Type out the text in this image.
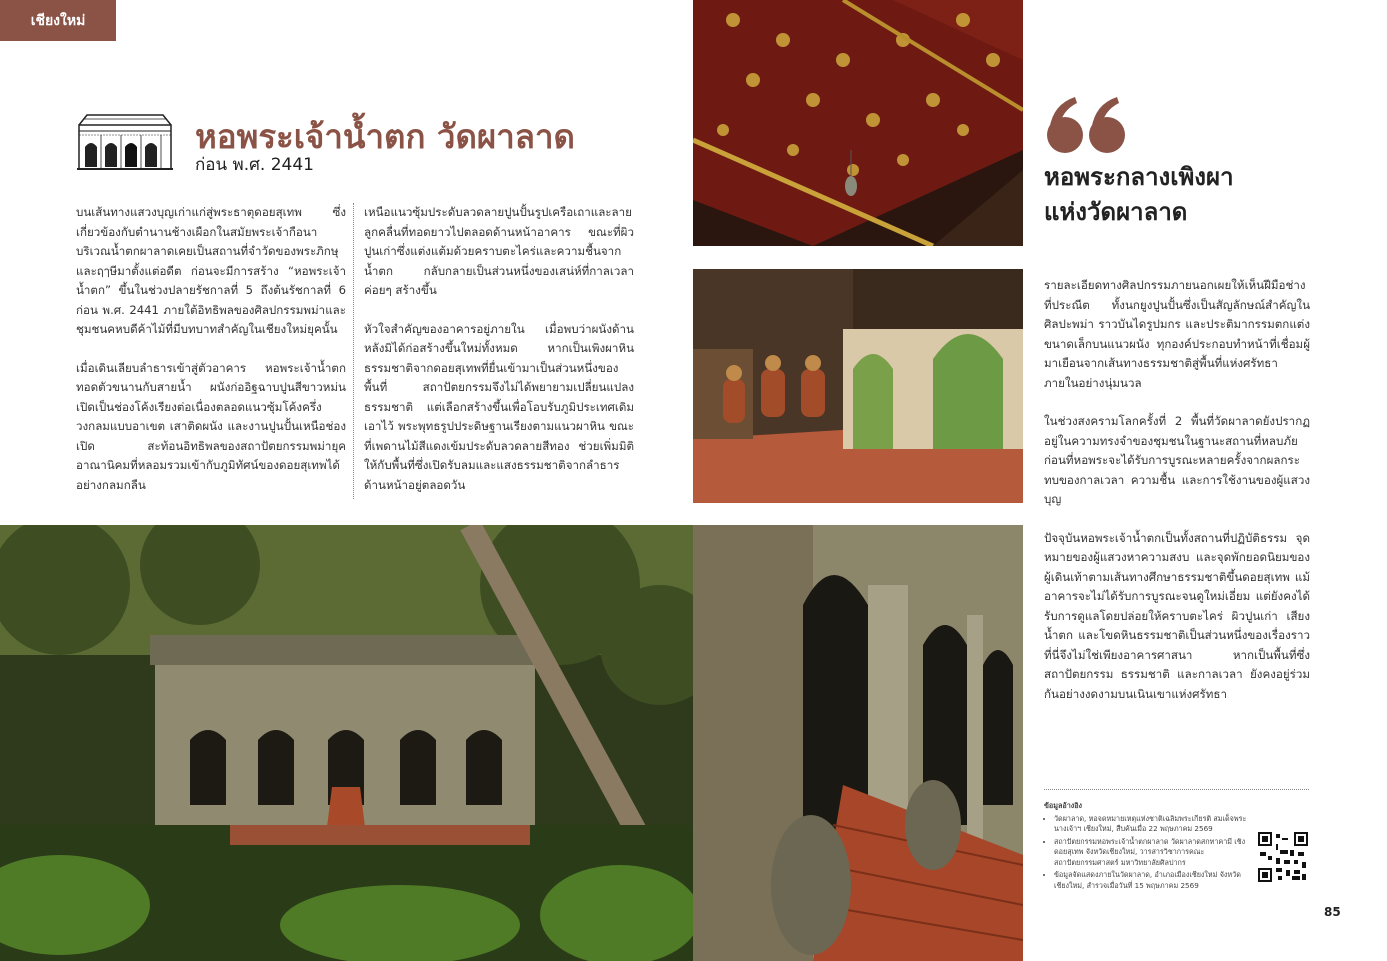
เชียงใหม่
หอพระเจ้าน้ำตก วัดผาลาด
ก่อน พ.ศ. 2441

บนเส้นทางแสวงบุญเก่าแก่สู่พระธาตุดอยสุเทพ ซึ่งเกี่ยวข้องกับตำนานช้างเผือกในสมัยพระเจ้ากือนา บริเวณน้ำตกผาลาดเคยเป็นสถานที่จำวัดของพระภิกษุและฤๅษีมาตั้งแต่อดีต ก่อนจะมีการสร้าง “หอพระเจ้าน้ำตก” ขึ้นในช่วงปลายรัชกาลที่ 5 ถึงต้นรัชกาลที่ 6 ก่อน พ.ศ. 2441 ภายใต้อิทธิพลของศิลปกรรมพม่าและชุมชนคหบดีค้าไม้ที่มีบทบาทสำคัญในเชียงใหม่ยุคนั้น

เมื่อเดินเลียบลำธารเข้าสู่ตัวอาคาร หอพระเจ้าน้ำตกทอดตัวขนานกับสายน้ำ ผนังก่ออิฐฉาบปูนสีขาวหม่นเปิดเป็นช่องโค้งเรียงต่อเนื่องตลอดแนวซุ้มโค้งครึ่งวงกลมแบบอาเขต เสาติดผนัง และงานปูนปั้นเหนือช่องเปิด สะท้อนอิทธิพลของสถาปัตยกรรมพม่ายุคอาณานิคมที่หลอมรวมเข้ากับภูมิทัศน์ของดอยสุเทพได้อย่างกลมกลืน

เหนือแนวซุ้มประดับลวดลายปูนปั้นรูปเครือเถาและลายลูกคลื่นที่ทอดยาวไปตลอดด้านหน้าอาคาร ขณะที่ผิวปูนเก่าซึ่งแต่งแต้มด้วยคราบตะไคร่และความชื้นจากน้ำตก กลับกลายเป็นส่วนหนึ่งของเสน่ห์ที่กาลเวลาค่อยๆ สร้างขึ้น

หัวใจสำคัญของอาคารอยู่ภายใน เมื่อพบว่าผนังด้านหลังมิได้ก่อสร้างขึ้นใหม่ทั้งหมด หากเป็นเพิงผาหินธรรมชาติจากดอยสุเทพที่ยื่นเข้ามาเป็นส่วนหนึ่งของพื้นที่ สถาปัตยกรรมจึงไม่ได้พยายามเปลี่ยนแปลงธรรมชาติ แต่เลือกสร้างขึ้นเพื่อโอบรับภูมิประเทศเดิมเอาไว้ พระพุทธรูปประดิษฐานเรียงตามแนวผาหิน ขณะที่เพดานไม้สีแดงเข้มประดับลวดลายสีทอง ช่วยเพิ่มมิติให้กับพื้นที่ซึ่งเปิดรับลมและแสงธรรมชาติจากลำธารด้านหน้าอยู่ตลอดวัน

หอพระกลางเพิงผา
แห่งวัดผาลาด

รายละเอียดทางศิลปกรรมภายนอกเผยให้เห็นฝีมือช่างที่ประณีต ทั้งนกยูงปูนปั้นซึ่งเป็นสัญลักษณ์สำคัญในศิลปะพม่า ราวบันไดรูปมกร และประติมากรรมตกแต่งขนาดเล็กบนแนวผนัง ทุกองค์ประกอบทำหน้าที่เชื่อมผู้มาเยือนจากเส้นทางธรรมชาติสู่พื้นที่แห่งศรัทธาภายในอย่างนุ่มนวล

ในช่วงสงครามโลกครั้งที่ 2 พื้นที่วัดผาลาดยังปรากฏอยู่ในความทรงจำของชุมชนในฐานะสถานที่หลบภัย ก่อนที่หอพระจะได้รับการบูรณะหลายครั้งจากผลกระทบของกาลเวลา ความชื้น และการใช้งานของผู้แสวงบุญ

ปัจจุบันหอพระเจ้าน้ำตกเป็นทั้งสถานที่ปฏิบัติธรรม จุดหมายของผู้แสวงหาความสงบ และจุดพักยอดนิยมของผู้เดินเท้าตามเส้นทางศึกษาธรรมชาติขึ้นดอยสุเทพ แม้อาคารจะไม่ได้รับการบูรณะจนดูใหม่เอี่ยม แต่ยังคงได้รับการดูแลโดยปล่อยให้คราบตะไคร่ ผิวปูนเก่า เสียงน้ำตก และโขดหินธรรมชาติเป็นส่วนหนึ่งของเรื่องราว ที่นี่จึงไม่ใช่เพียงอาคารศาสนา หากเป็นพื้นที่ซึ่งสถาปัตยกรรม ธรรมชาติ และกาลเวลา ยังคงอยู่ร่วมกันอย่างงดงามบนเนินเขาแห่งศรัทธา

ข้อมูลอ้างอิง
• วัดผาลาด, หอจดหมายเหตุแห่งชาติเฉลิมพระเกียรติ สมเด็จพระนางเจ้าฯ เชียงใหม่, สืบค้นเมื่อ 22 พฤษภาคม 2569
• สถาปัตยกรรมหอพระเจ้าน้ำตกผาลาด วัดผาลาดสกทาคามี เชิงดอยสุเทพ จังหวัดเชียงใหม่, วารสารวิชาการคณะสถาปัตยกรรมศาสตร์ มหาวิทยาลัยศิลปากร
• ข้อมูลจัดแสดงภายในวัดผาลาด, อำเภอเมืองเชียงใหม่ จังหวัดเชียงใหม่, สำรวจเมื่อวันที่ 15 พฤษภาคม 2569
85
